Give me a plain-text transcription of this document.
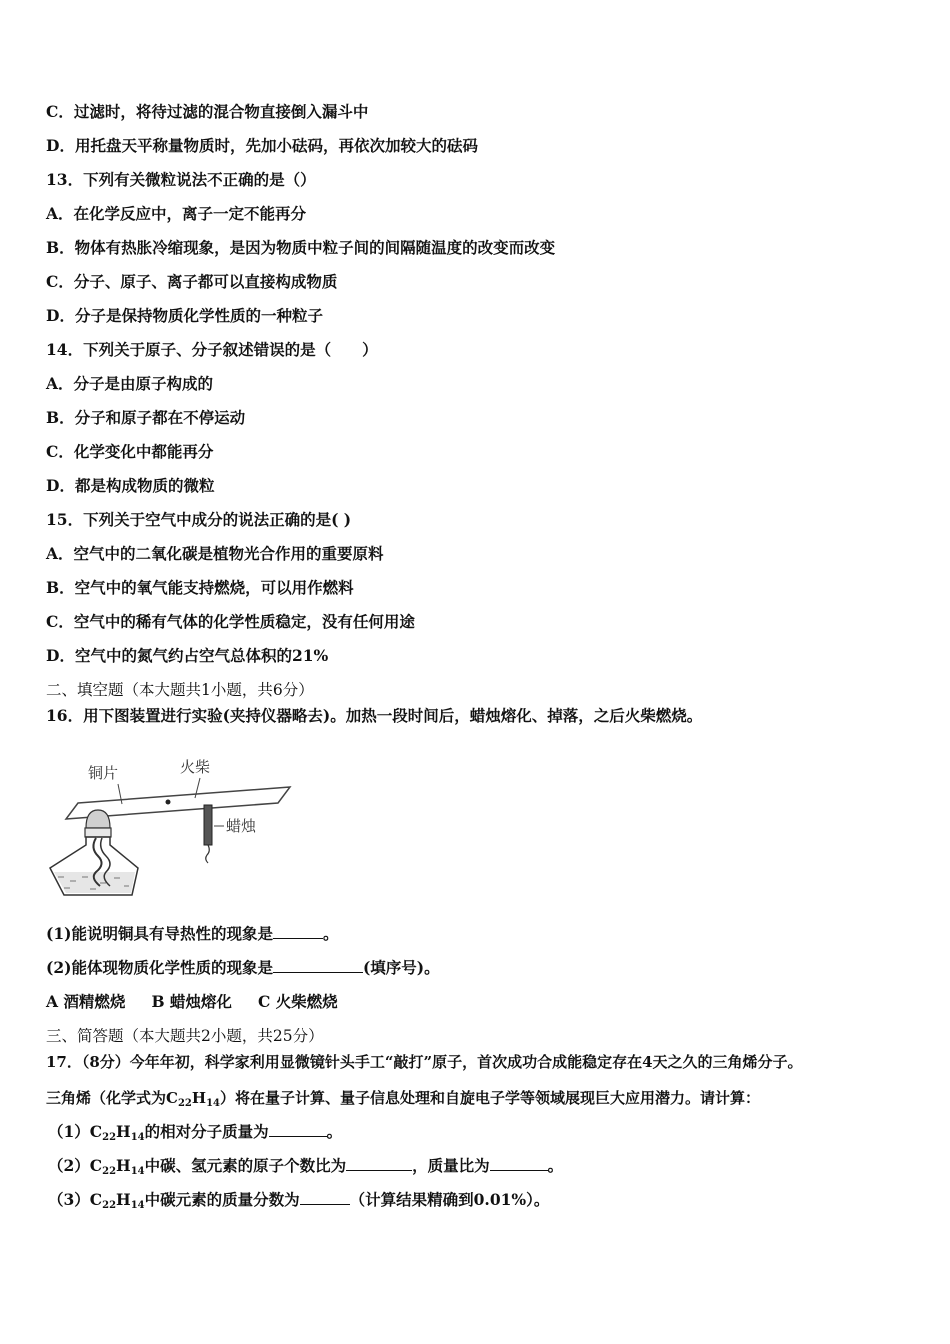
C．过滤时，将待过滤的混合物直接倒入漏斗中
D．用托盘天平称量物质时，先加小砝码，再依次加较大的砝码
13．下列有关微粒说法不正确的是（）
A．在化学反应中，离子一定不能再分
B．物体有热胀冷缩现象，是因为物质中粒子间的间隔随温度的改变而改变
C．分子、原子、离子都可以直接构成物质
D．分子是保持物质化学性质的一种粒子
14．下列关于原子、分子叙述错误的是（　　）
A．分子是由原子构成的
B．分子和原子都在不停运动
C．化学变化中都能再分
D．都是构成物质的微粒
15．下列关于空气中成分的说法正确的是( )
A．空气中的二氧化碳是植物光合作用的重要原料
B．空气中的氧气能支持燃烧，可以用作燃料
C．空气中的稀有气体的化学性质稳定，没有任何用途
D．空气中的氮气约占空气总体积的21%
二、填空题（本大题共1小题，共6分）
16．用下图装置进行实验(夹持仪器略去)。加热一段时间后，蜡烛熔化、掉落，之后火柴燃烧。
铜片	火柴
蜡烛
(1)能说明铜具有导热性的现象是	。
(2)能体现物质化学性质的现象是	(填序号)。
A 酒精燃烧 B 蜡烛熔化 C 火柴燃烧
三、简答题（本大题共2小题，共25分）
17．（8分）今年年初，科学家利用显微镜针头手工“敲打”原子，首次成功合成能稳定存在4天之久的三角烯分子。
三角烯（化学式为$C_{22}H_{14}$）将在量子计算、量子信息处理和自旋电子学等领域展现巨大应用潜力。请计算：
（1）C22H14的相对分子质量为	。
（2）C22H14中碳、氢元素的原子个数比为	，质量比为	。
（3）C22H14中碳元素的质量分数为	（计算结果精确到0.01%）。
